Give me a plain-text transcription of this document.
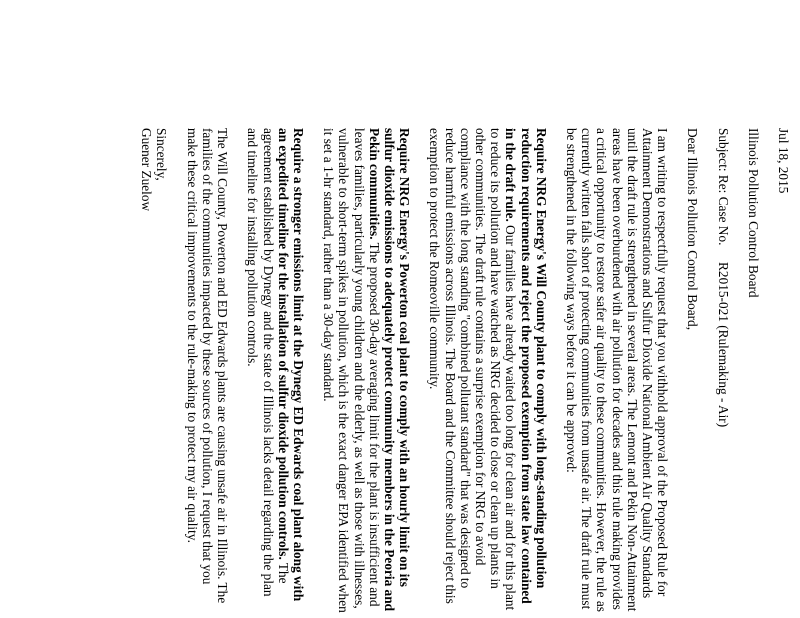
Jul 18, 2015

Illinois Pollution Control Board

Subject: Re: Case No.     R2015-021 (Rulemaking - Air)

Dear Illinois Pollution Control Board,

I am writing to respectfully request that you withhold approval of the Proposed Rule for Attainment Demonstrations and Sulfur Dioxide National Ambient Air Quality Standards until the draft rule is strengthened in several areas. The Lemont and Pekin Non-Attainment areas have been overburdened with air pollution for decades and this rule making provides a critical opportunity to restore safer air quality to these communities. However, the rule as currently written falls short of protecting communities from unsafe air. The draft rule must be strengthened in the following ways before it can be approved:

Require NRG Energy's Will County plant to comply with long-standing pollution reduction requirements and reject the proposed exemption from state law contained in the draft rule. Our families have already waited too long for clean air and for this plant to reduce its pollution and have watched as NRG decided to close or clean up plants in other communities. The draft rule contains a surprise exemption for NRG to avoid compliance with the long standing "combined pollutant standard" that was designed to reduce harmful emissions across Illinois. The Board and the Committee should reject this exemption to protect the Romeoville community.

Require NRG Energy's Powerton coal plant to comply with an hourly limit on its sulfur dioxide emissions to adequately protect community members in the Peoria and Pekin communities. The proposed 30-day averaging limit for the plant is insufficient and leaves families, particularly young children and the elderly, as well as those with illnesses, vulnerable to short-term spikes in pollution, which is the exact danger EPA identified when it set a 1-hr standard, rather than a 30-day standard.

Require a stronger emissions limit at the Dynegy ED Edwards coal plant along with an expedited timeline for the installation of sulfur dioxide pollution controls. The agreement established by Dynegy and the state of Illinois lacks detail regarding the plan and timeline for installing pollution controls.

The Will County, Powerton and ED Edwards plants are causing unsafe air in Illinois. The families of the communities impacted by these sources of pollution, I request that you make these critical improvements to the rule-making to protect my air quality.

Sincerely,

Guener Zuelow
